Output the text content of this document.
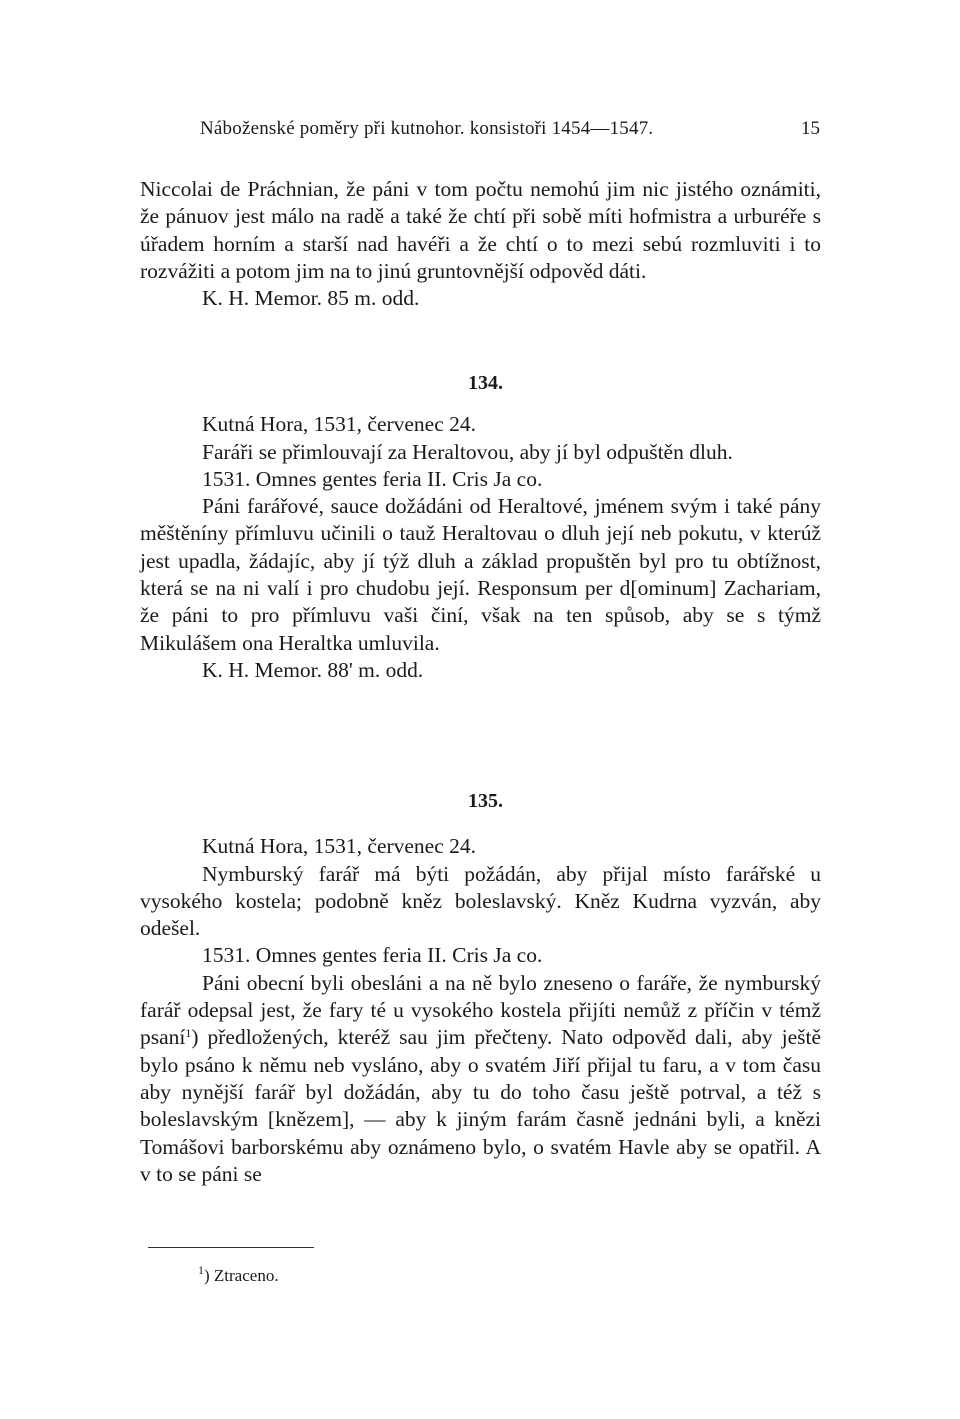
Náboženské poměry při kutnohor. konsistoři 1454—1547.	15

Niccolai de Práchnian, že páni v tom počtu nemohú jim nic jistého oznámiti, že pánuov jest málo na radě a také že chtí při sobě míti hofmistra a urburéře s úřadem horním a starší nad havéři a že chtí o to mezi sebú rozmluviti i to rozvážiti a potom jim na to jinú gruntovnější odpověd dáti.

K. H. Memor. 85 m. odd.

134.

Kutná Hora, 1531, červenec 24.

Faráři se přimlouvají za Heraltovou, aby jí byl odpuštěn dluh.

1531. Omnes gentes feria II. Cris Ja co.

Páni farářové, sauce dožádáni od Heraltové, jménem svým i také pány měštěníny přímluvu učinili o tauž Heraltovau o dluh její neb pokutu, v kterúž jest upadla, žádajíc, aby jí týž dluh a základ propuštěn byl pro tu obtížnost, která se na ni valí i pro chudobu její. Responsum per d[ominum] Zachariam, že páni to pro přímluvu vaši činí, však na ten spůsob, aby se s týmž Mikulášem ona Heraltka umluvila.

K. H. Memor. 88' m. odd.

135.

Kutná Hora, 1531, červenec 24.

Nymburský farář má býti požádán, aby přijal místo farářské u vysokého kostela; podobně kněz boleslavský. Kněz Kudrna vyzván, aby odešel.

1531. Omnes gentes feria II. Cris Ja co.

Páni obecní byli obesláni a na ně bylo zneseno o faráře, že nymburský farář odepsal jest, že fary té u vysokého kostela přijíti nemůž z příčin v témž psaní$^1$) předložených, kteréž sau jim přečteny. Nato odpověd dali, aby ještě bylo psáno k němu neb vysláno, aby o svatém Jiří přijal tu faru, a v tom času aby nynější farář byl dožádán, aby tu do toho času ještě potrval, a též s boleslavským [knězem], — aby k jiným farám časně jednáni byli, a knězi Tomášovi barborskému aby oznámeno bylo, o svatém Havle aby se opatřil. A v to se páni se

$^1$) Ztraceno.
